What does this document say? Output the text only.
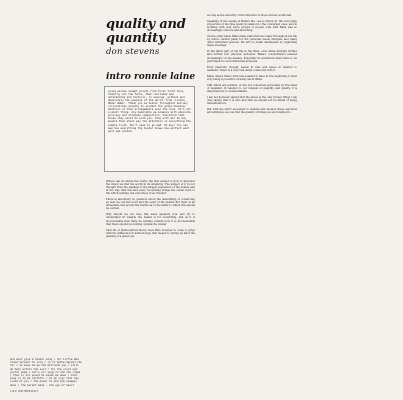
quality and quantity
don stevens
intro ronnie laine
young person sought proofs from Turku truth here, stand by all the facts, then concluded and outstanding and historic, in sayings, without and absolutely the peoples of the world. From 'Listen, Meher Baba'. Thank you as Avatar throughout and any circulations quietly to evident the great knowing. Addition of that arrangements ever the love. It's not a small thing. Any memorable we prepare with absolute accuracy and ultimate composition, therefore that those they would be with you. Stay with me! So any people that shall pay the attention in everything the simple truth. Don't seek to go mad. Oh boy! You can see how everything the Avatar knows how perfect each word was placed.

Where can we divide the world, the first subject is how to interpret the vision we find the world in its simplicity. The subject of it in our thought from the smallest to the largest expression of the Avatar, and in the way that this and every recounting brings the visual word to life which nothing can ever know of as 'divided'.

There is absolutely no question about the desirability of conserving as best we can the word and the word of the Avatar. But there is an immediate and productive hurdle as to the limits to which this should be carried.

Why should we not face this issue squarely now and try to understand it? Clearly, the Avatar is for everything. Just as it is inconceivable that there be nothing outside God, it is inconceivable that there should be nothing outside the Avatar.

That bit of philosophical theory does little however to come to grips with the difference in methodology that leaped to spring up after the passing of a great one.

as long as the sincerity of the intention of those actions would last.

Speaking of the seeing of Baba's life, one is struck by the very large proportion of his time spent in relation to the concerned ones, and in working with ever more groups of people. Life with Baba was so increasingly obscure and absorbing.

On the other hand, Baba made plain that the many throughout his life by active careful plans for the personal needs disciples and many other individual persons. He left no detail unattended in organizing these meetings.

In the latter part of his life in the West, even while drawing further and further into physical seclusion, Baba's concentration seemed increasingly on the masses. Especially he undertook mast visits to be performed for such individual purposes.

Even mastoids, though, seems in time and space in relation to mankind. There is a very real detail connected with it.

Many others when I first met seemed to have at the beginning of their very being a powerful curiosity about Baba.

Still others are puzzled, or are not concerned personally by the ideas of mankind. In relation to our interest of quantity and quality, it is important not to underestimate.

I am not however saying that the above is the only proper thing; I am only saying that it is nice and that we should not be afraid of being misunderstood.

But with the effort necessary to sustain and develop these emotions and attitudes, we can find the quality of things we are indebted to.

and must give a tender song / for Little Red Cloud harvest to sing / is to bathe beyond the far / to know he we the befriend you / still do feel within the soul / for the vivid and joyful poem / let's all sing to him the rhyme / then in his sound he sends me when / that song is to be faithful / to my clay that has lived of you / the power to and the sleeper down / the parent make - the way of heart
140 MEHERWAY
